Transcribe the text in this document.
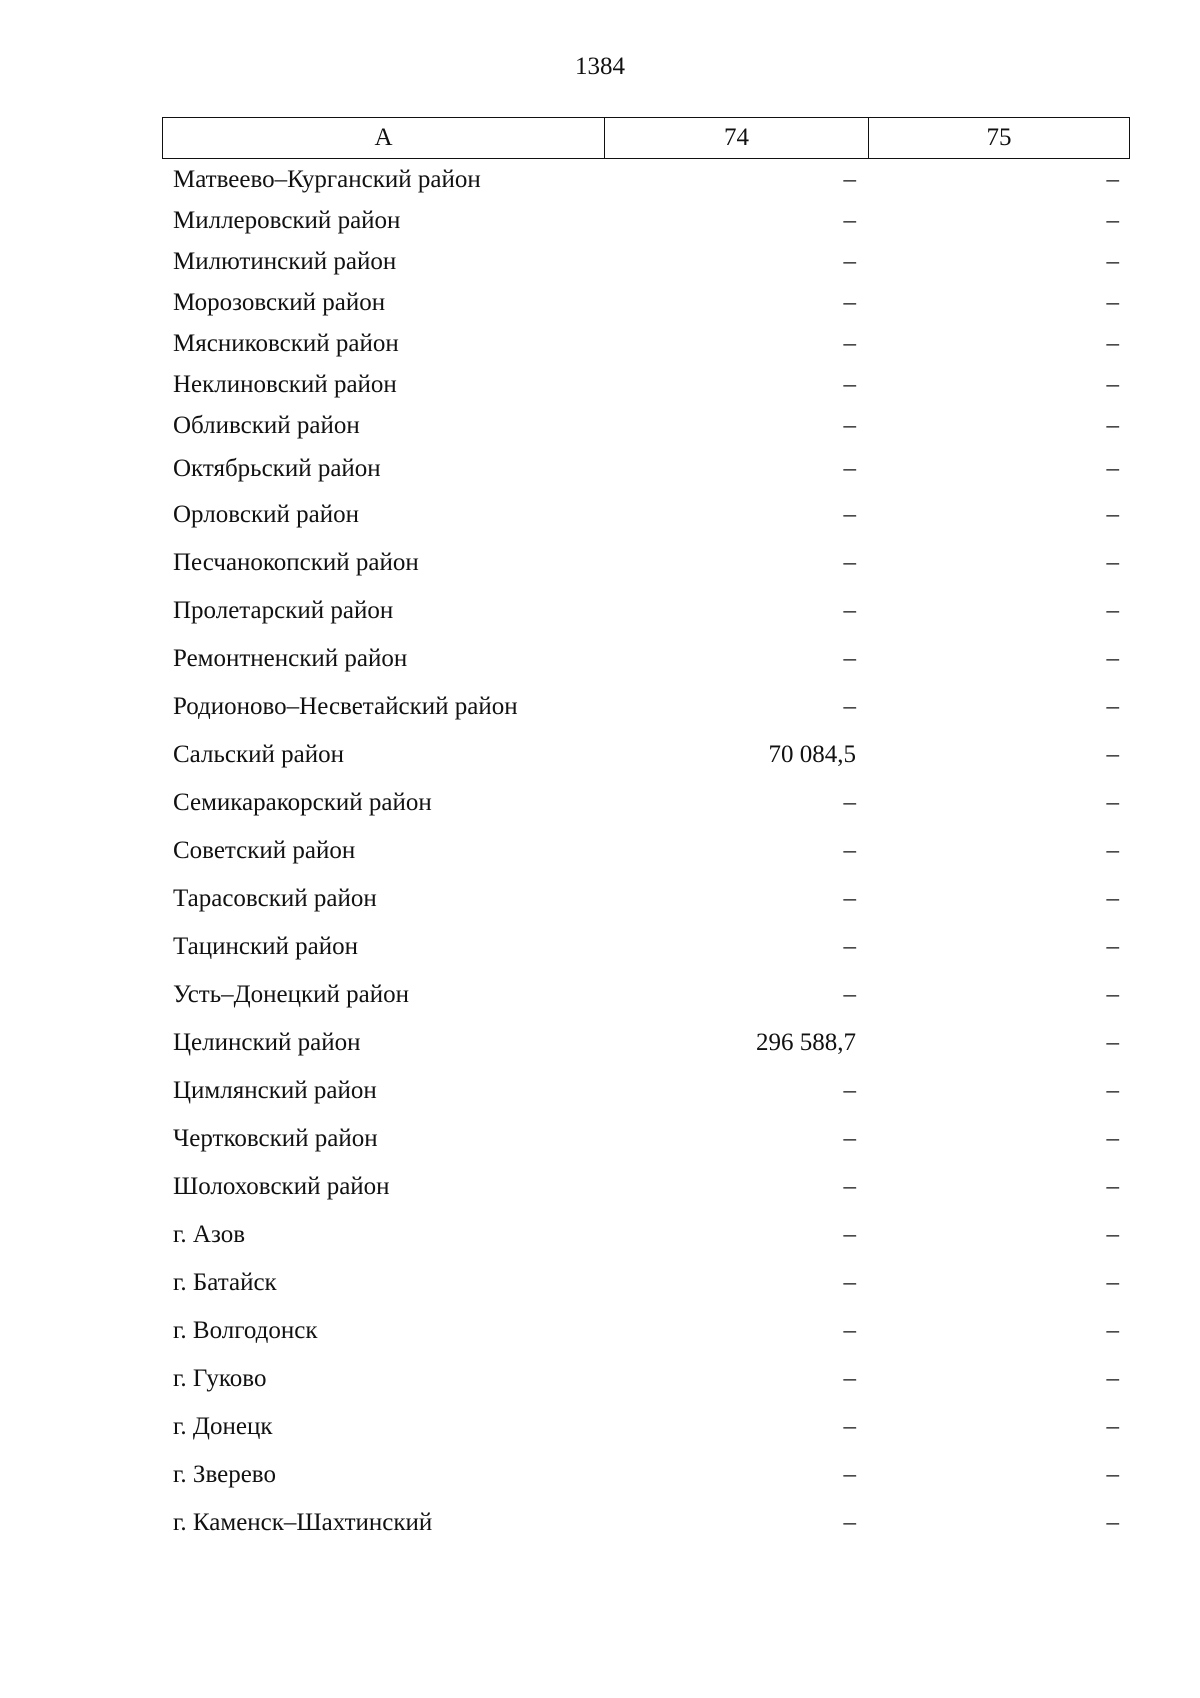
1384
А	74	75
Матвеево–Курганский район	–	–
Миллеровский район	–	–
Милютинский район	–	–
Морозовский район	–	–
Мясниковский район	–	–
Неклиновский район	–	–
Обливский район	–	–
Октябрьский район	–	–
Орловский район	–	–
Песчанокопский район	–	–
Пролетарский район	–	–
Ремонтненский район	–	–
Родионово–Несветайский район	–	–
Сальский район	70 084,5	–
Семикаракорский район	–	–
Советский район	–	–
Тарасовский район	–	–
Тацинский район	–	–
Усть–Донецкий район	–	–
Целинский район	296 588,7	–
Цимлянский район	–	–
Чертковский район	–	–
Шолоховский район	–	–
г. Азов	–	–
г. Батайск	–	–
г. Волгодонск	–	–
г. Гуково	–	–
г. Донецк	–	–
г. Зверево	–	–
г. Каменск–Шахтинский	–	–
